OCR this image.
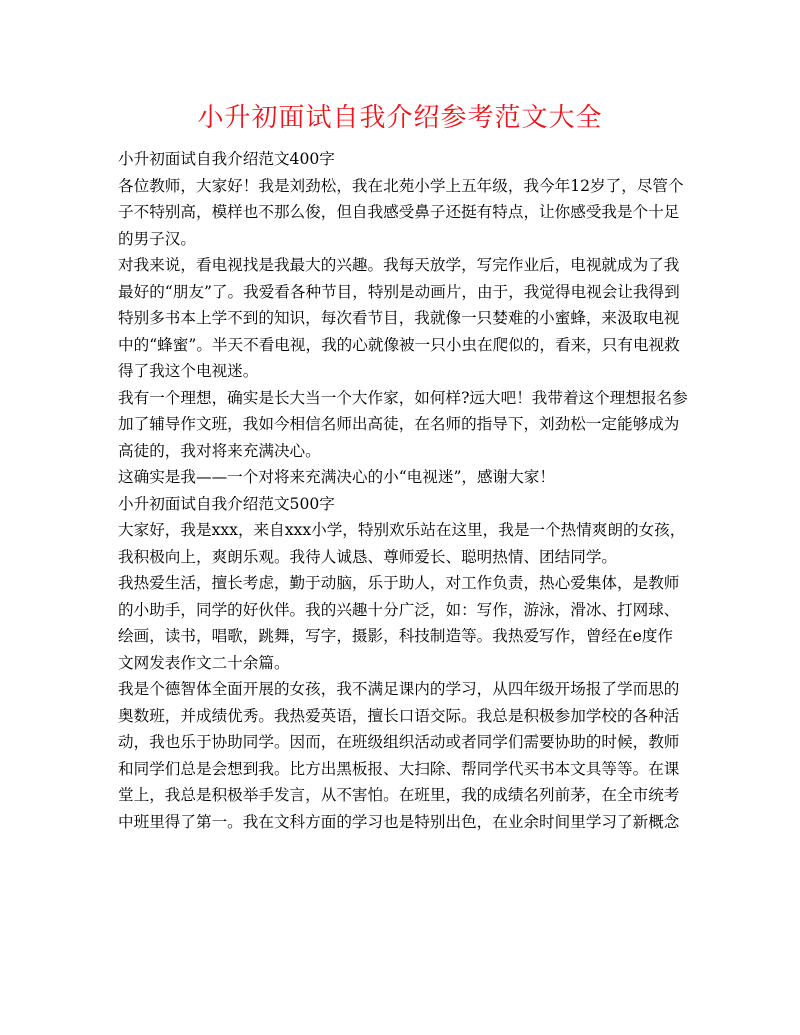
小升初面试自我介绍参考范文大全

小升初面试自我介绍范文400字

各位教师，大家好！我是刘劲松，我在北苑小学上五年级，我今年12岁了，尽管个

子不特别高，模样也不那么俊，但自我感受鼻子还挺有特点，让你感受我是个十足

的男子汉。

对我来说，看电视找是我最大的兴趣。我每天放学，写完作业后，电视就成为了我

最好的“朋友”了。我爱看各种节目，特别是动画片，由于，我觉得电视会让我得到

特别多书本上学不到的知识，每次看节目，我就像一只婪难的小蜜蜂，来汲取电视

中的“蜂蜜”。半天不看电视，我的心就像被一只小虫在爬似的，看来，只有电视救

得了我这个电视迷。

我有一个理想，确实是长大当一个大作家，如何样?远大吧！我带着这个理想报名参

加了辅导作文班，我如今相信名师出高徒，在名师的指导下，刘劲松一定能够成为

高徒的，我对将来充满决心。

这确实是我——一个对将来充满决心的小“电视迷”，感谢大家！

小升初面试自我介绍范文500字

大家好，我是xxx，来自xxx小学，特别欢乐站在这里，我是一个热情爽朗的女孩，

我积极向上，爽朗乐观。我待人诚恳、尊师爱长、聪明热情、团结同学。

我热爱生活，擅长考虑，勤于动脑，乐于助人，对工作负责，热心爱集体，是教师

的小助手，同学的好伙伴。我的兴趣十分广泛，如：写作，游泳，滑冰、打网球、

绘画，读书，唱歌，跳舞，写字，摄影，科技制造等。我热爱写作，曾经在e度作

文网发表作文二十余篇。

我是个德智体全面开展的女孩，我不满足课内的学习，从四年级开场报了学而思的

奥数班，并成绩优秀。我热爱英语，擅长口语交际。我总是积极参加学校的各种活

动，我也乐于协助同学。因而，在班级组织活动或者同学们需要协助的时候，教师

和同学们总是会想到我。比方出黑板报、大扫除、帮同学代买书本文具等等。在课

堂上，我总是积极举手发言，从不害怕。在班里，我的成绩名列前茅，在全市统考

中班里得了第一。我在文科方面的学习也是特别出色，在业余时间里学习了新概念
